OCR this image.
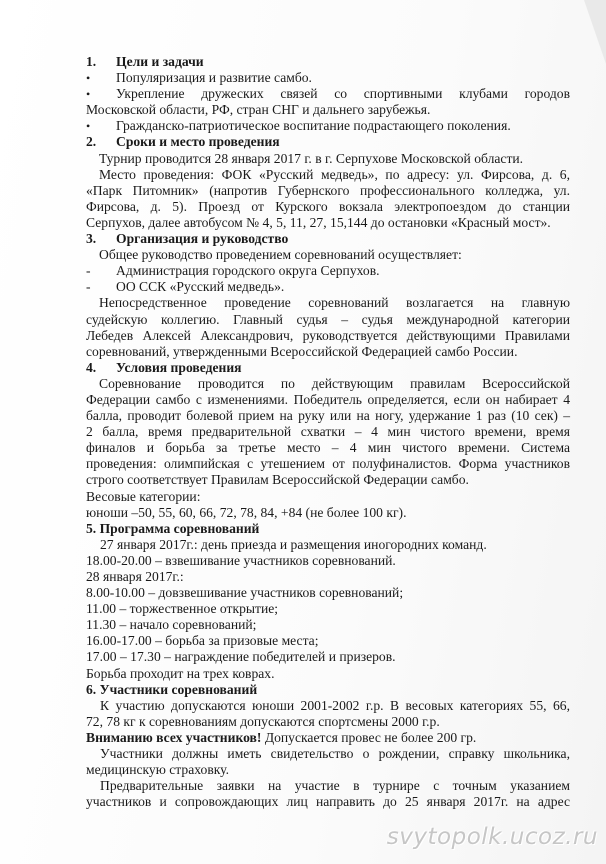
1. Цели и задачи
•Популяризация и развитие самбо.
•Укрепление дружеских связей со спортивными клубами городов
Московской области, РФ, стран СНГ и дальнего зарубежья.
•Гражданско-патриотическое воспитание подрастающего поколения.
2. Сроки и место проведения
Турнир проводится 28 января 2017 г. в г. Серпухове Московской области.
Место проведения: ФОК «Русский медведь», по адресу: ул. Фирсова, д. 6,
«Парк Питомник» (напротив Губернского профессионального колледжа, ул.
Фирсова, д. 5). Проезд от Курского вокзала электропоездом до станции
Серпухов, далее автобусом № 4, 5, 11, 27, 15,144 до остановки «Красный мост».
3. Организация и руководство
Общее руководство проведением соревнований осуществляет:
- Администрация городского округа Серпухов.
- ОО ССК «Русский медведь».
Непосредственное проведение соревнований возлагается на главную
судейскую коллегию. Главный судья – судья международной категории
Лебедев Алексей Александрович, руководствуется действующими Правилами
соревнований, утвержденными Всероссийской Федерацией самбо России.
4. Условия проведения
Соревнование проводится по действующим правилам Всероссийской
Федерации самбо с изменениями. Победитель определяется, если он набирает 4
балла, проводит болевой прием на руку или на ногу, удержание 1 раз (10 сек) –
2 балла, время предварительной схватки – 4 мин чистого времени, время
финалов и борьба за третье место – 4 мин чистого времени. Система
проведения: олимпийская с утешением от полуфиналистов. Форма участников
строго соответствует Правилам Всероссийской Федерации самбо.
Весовые категории:
юноши –50, 55, 60, 66, 72, 78, 84, +84 (не более 100 кг).
5. Программа соревнований
27 января 2017г.: день приезда и размещения иногородних команд.
18.00-20.00 – взвешивание участников соревнований.
28 января 2017г.:
8.00-10.00 – довзвешивание участников соревнований;
11.00 – торжественное открытие;
11.30 – начало соревнований;
16.00-17.00 – борьба за призовые места;
17.00 – 17.30 – награждение победителей и призеров.
Борьба проходит на трех коврах.
6. Участники соревнований
К участию допускаются юноши 2001-2002 г.р. В весовых категориях 55, 66,
72, 78 кг к соревнованиям допускаются спортсмены 2000 г.р.
Вниманию всех участников! Допускается провес не более 200 гр.
Участники должны иметь свидетельство о рождении, справку школьника,
медицинскую страховку.
Предварительные заявки на участие в турнире с точным указанием
участников и сопровождающих лиц направить до 25 января 2017г. на адрес
svytopolk.ucoz.ru
